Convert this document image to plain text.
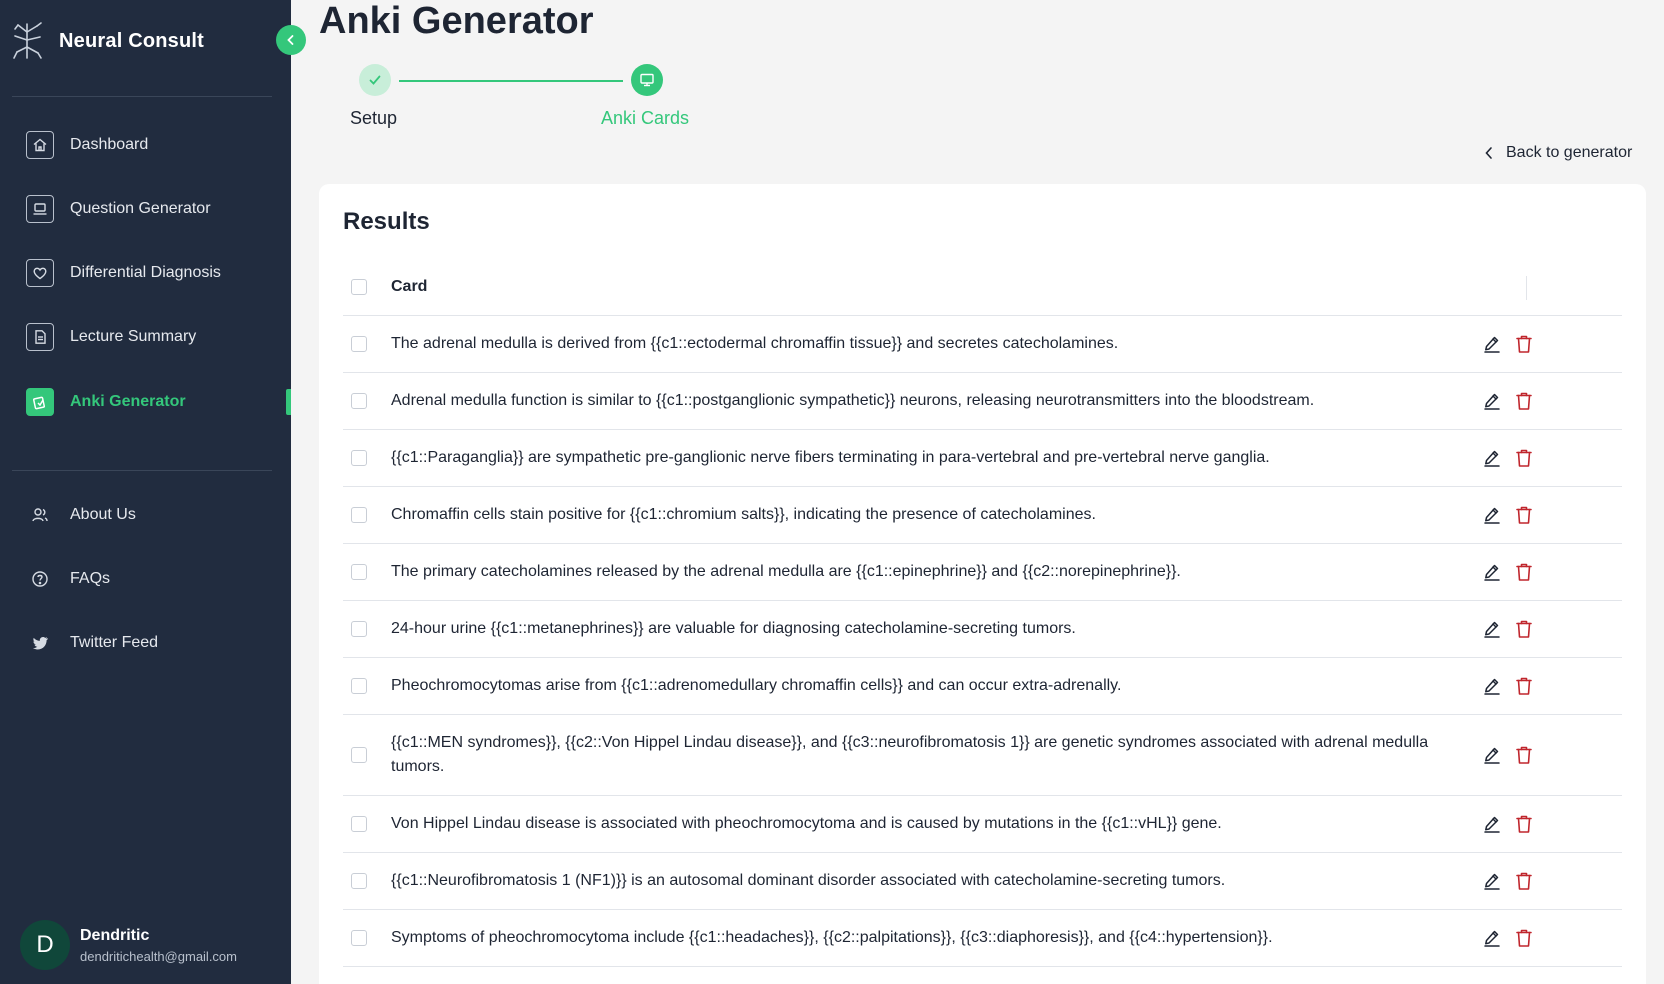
Neural Consult
Dashboard
Question Generator
Differential Diagnosis
Lecture Summary
Anki Generator
About Us
FAQs
Twitter Feed
D	Dendritic
dendritichealth@gmail.com
Anki Generator
Setup	Anki Cards
Back to generator
Results
Card
The adrenal medulla is derived from {{c1::ectodermal chromaffin tissue}} and secretes catecholamines.
Adrenal medulla function is similar to {{c1::postganglionic sympathetic}} neurons, releasing neurotransmitters into the bloodstream.
{{c1::Paraganglia}} are sympathetic pre-ganglionic nerve fibers terminating in para-vertebral and pre-vertebral nerve ganglia.
Chromaffin cells stain positive for {{c1::chromium salts}}, indicating the presence of catecholamines.
The primary catecholamines released by the adrenal medulla are {{c1::epinephrine}} and {{c2::norepinephrine}}.
24-hour urine {{c1::metanephrines}} are valuable for diagnosing catecholamine-secreting tumors.
Pheochromocytomas arise from {{c1::adrenomedullary chromaffin cells}} and can occur extra-adrenally.
{{c1::MEN syndromes}}, {{c2::Von Hippel Lindau disease}}, and {{c3::neurofibromatosis 1}} are genetic syndromes associated with adrenal medulla tumors.
Von Hippel Lindau disease is associated with pheochromocytoma and is caused by mutations in the {{c1::vHL}} gene.
{{c1::Neurofibromatosis 1 (NF1)}} is an autosomal dominant disorder associated with catecholamine-secreting tumors.
Symptoms of pheochromocytoma include {{c1::headaches}}, {{c2::palpitations}}, {{c3::diaphoresis}}, and {{c4::hypertension}}.
